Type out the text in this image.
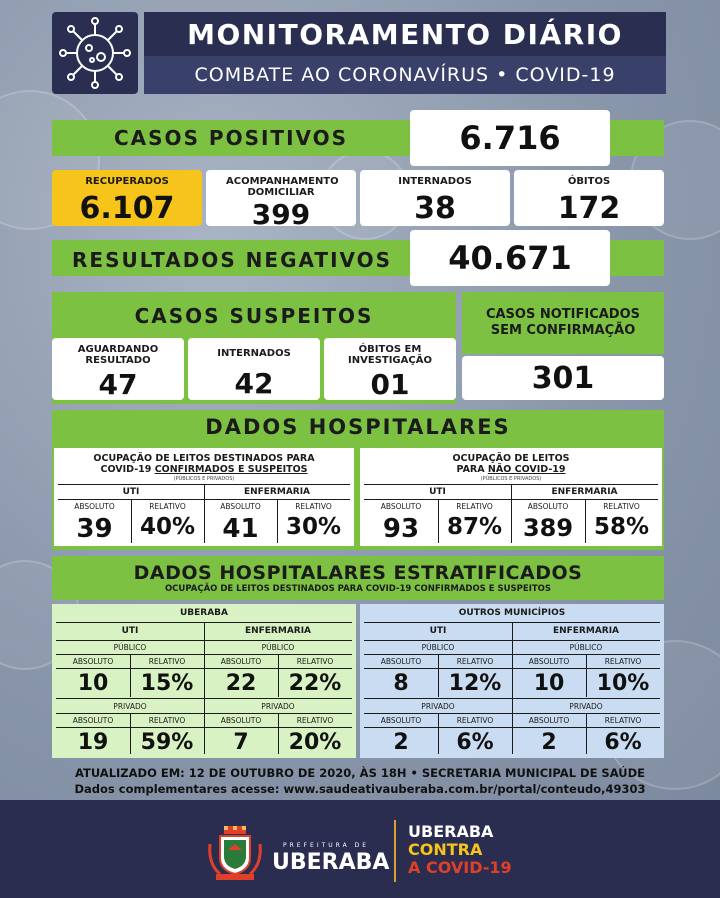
MONITORAMENTO DIÁRIO
COMBATE AO CORONAVÍRUS • COVID-19
CASOS POSITIVOS	6.716
RECUPERADOS
6.107
ACOMPANHAMENTO DOMICILIAR
399
INTERNADOS
38
ÓBITOS
172
RESULTADOS NEGATIVOS 40.671
CASOS SUSPEITOS
AGUARDANDO RESULTADO
47
INTERNADOS
42
ÓBITOS EM INVESTIGAÇÃO
01
CASOS NOTIFICADOS SEM CONFIRMAÇÃO
301
DADOS HOSPITALARES
OCUPAÇÃO DE LEITOS DESTINADOS PARA
COVID-19 CONFIRMADOS E SUSPEITOS
(PÚBLICOS E PRIVADOS)
UTI	ENFERMARIA
ABSOLUTO	RELATIVO	ABSOLUTO	RELATIVO
39	40%	41	30%
OCUPAÇÃO DE LEITOS
PARA NÃO COVID-19
(PÚBLICOS E PRIVADOS)
UTI	ENFERMARIA
ABSOLUTO	RELATIVO	ABSOLUTO	RELATIVO
93	87% 389 58%
DADOS HOSPITALARES ESTRATIFICADOS
OCUPAÇÃO DE LEITOS DESTINADOS PARA COVID-19 CONFIRMADOS E SUSPEITOS
UBERABA
UTI	ENFERMARIA
PÚBLICO	PÚBLICO
ABSOLUTO	RELATIVO	ABSOLUTO	RELATIVO
10	15%	22	22%
PRIVADO	PRIVADO
ABSOLUTO	RELATIVO	ABSOLUTO	RELATIVO
19	59%	7	20%
OUTROS MUNICÍPIOS
UTI	ENFERMARIA
PÚBLICO	PÚBLICO
ABSOLUTO	RELATIVO	ABSOLUTO	RELATIVO
8	12%	10	10%
PRIVADO	PRIVADO
ABSOLUTO	RELATIVO	ABSOLUTO	RELATIVO
2	6%	2	6%
ATUALIZADO EM: 12 DE OUTUBRO DE 2020, ÀS 18H • SECRETARIA MUNICIPAL DE SAÚDE
Dados complementares acesse: www.saudeativauberaba.com.br/portal/conteudo,49303
PREFEITURA DE
UBERABA
UBERABA
CONTRA
A COVID-19
